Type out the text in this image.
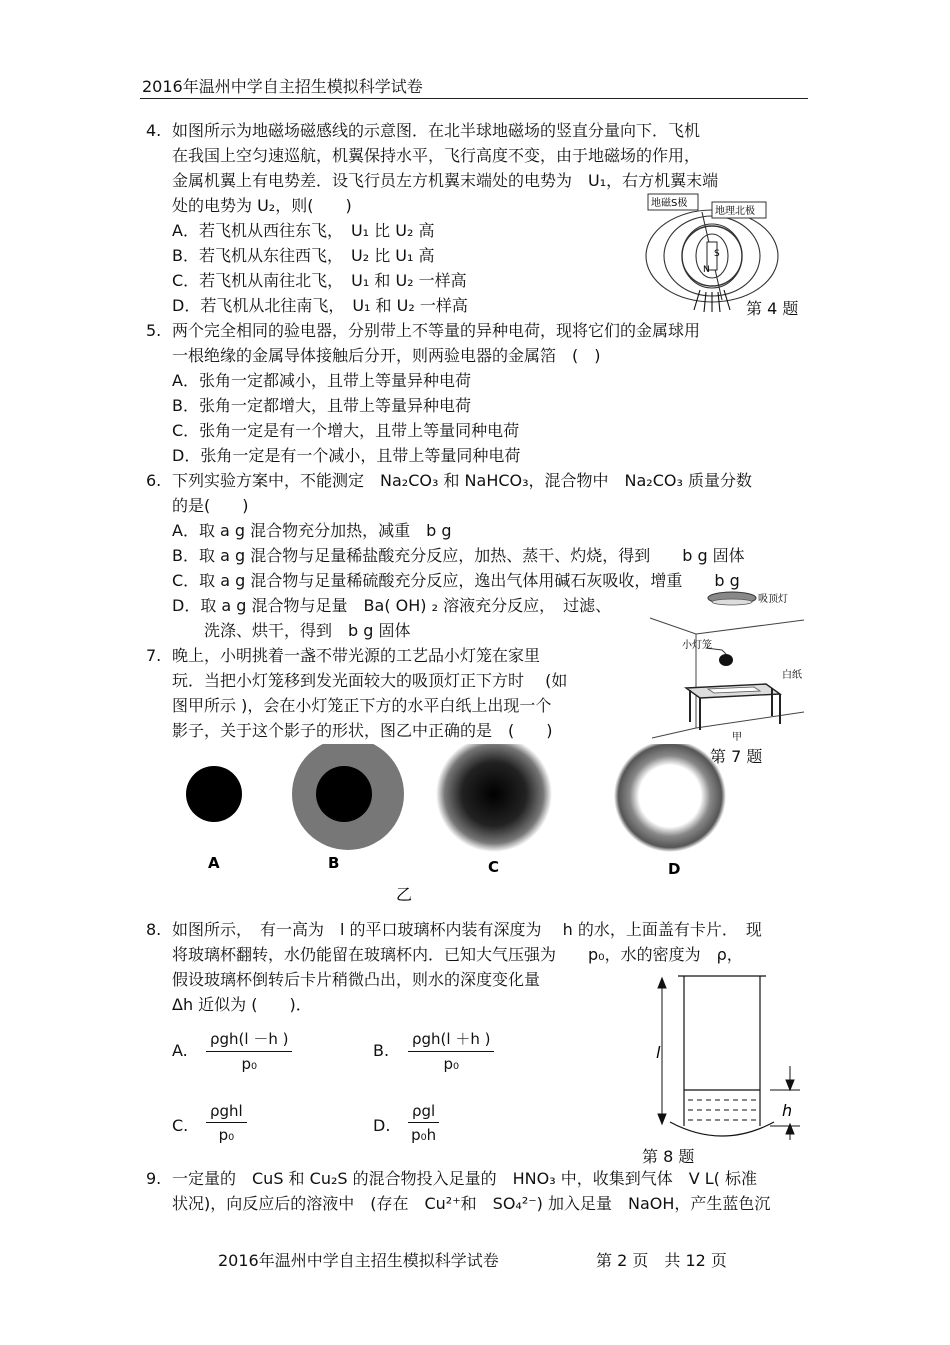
2016年温州中学自主招生模拟科学试卷
4. 如图所示为地磁场磁感线的示意图．在北半球地磁场的竖直分量向下．飞机
在我国上空匀速巡航，机翼保持水平，飞行高度不变，由于地磁场的作用，
金属机翼上有电势差．设飞行员左方机翼末端处的电势为　U₁，右方机翼末端
处的电势为 U₂，则(　　)
A．若飞机从西往东飞，　U₁ 比 U₂ 高
B．若飞机从东往西飞，　U₂ 比 U₁ 高
C．若飞机从南往北飞，　U₁ 和 U₂ 一样高
D．若飞机从北往南飞，　U₁ 和 U₂ 一样高
S
N
地磁S极
地理北极
第 4 题
5. 两个完全相同的验电器，分别带上不等量的异种电荷，现将它们的金属球用
一根绝缘的金属导体接触后分开，则两验电器的金属箔　(　)
A．张角一定都减小，且带上等量异种电荷
B．张角一定都增大，且带上等量异种电荷
C．张角一定是有一个增大，且带上等量同种电荷
D．张角一定是有一个减小，且带上等量同种电荷
6. 下列实验方案中，不能测定　Na₂CO₃ 和 NaHCO₃，混合物中　Na₂CO₃ 质量分数
的是(　　)
A．取 a g 混合物充分加热，减重　b g
B．取 a g 混合物与足量稀盐酸充分反应，加热、蒸干、灼烧，得到　　b g 固体
C．取 a g 混合物与足量稀硫酸充分反应，逸出气体用碱石灰吸收，增重　　b g
D．取 a g 混合物与足量　Ba( OH) ₂ 溶液充分反应，　过滤、
　　洗涤、烘干，得到　b g 固体
7. 晚上，小明挑着一盏不带光源的工艺品小灯笼在家里
玩．当把小灯笼移到发光面较大的吸顶灯正下方时　 (如
图甲所示 )，会在小灯笼正下方的水平白纸上出现一个
影子，关于这个影子的形状，图乙中正确的是　(　　)
吸顶灯
小灯笼
白纸
甲
第 7 题
A	B	C	D
乙
8. 如图所示，　有一高为　l 的平口玻璃杯内装有深度为　 h 的水，上面盖有卡片．　现
将玻璃杯翻转，水仍能留在玻璃杯内．已知大气压强为　　p₀，水的密度为　ρ，
假设玻璃杯倒转后卡片稍微凸出，则水的深度变化量
Δh 近似为 (　　)．
A.
ρgh(l －h )
p₀
B.
ρgh(l ＋h )
p₀
C.
ρghl
p₀	D.
ρgl
p₀h
l
h
第 8 题
9. 一定量的　CuS 和 Cu₂S 的混合物投入足量的　HNO₃ 中，收集到气体　V L( 标准
状况)，向反应后的溶液中　(存在　Cu²⁺和　SO₄²⁻) 加入足量　NaOH，产生蓝色沉
2016年温州中学自主招生模拟科学试卷	第 2 页　共 12 页
